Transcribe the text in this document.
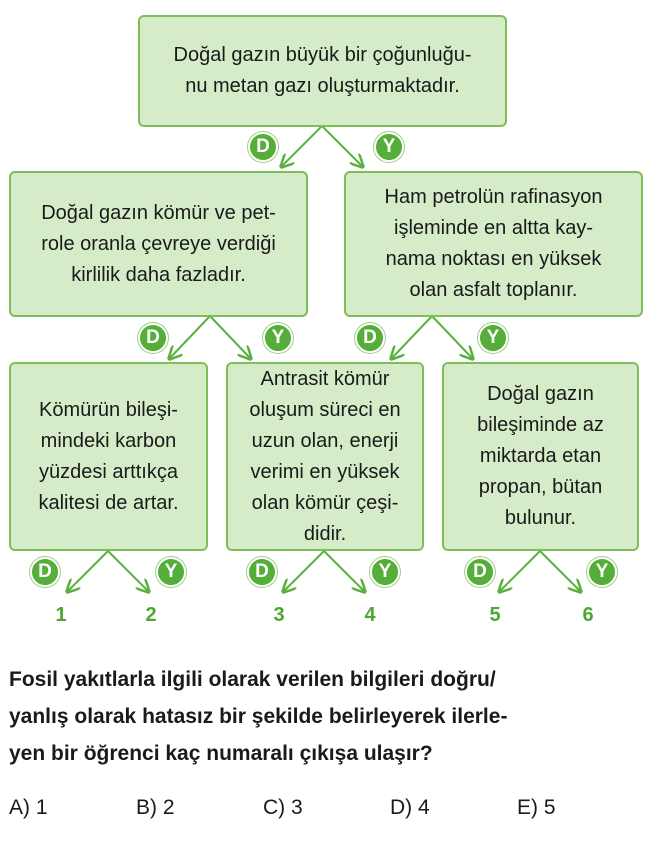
Doğal gazın büyük bir çoğunluğu-
nu metan gazı oluşturmaktadır.
Doğal gazın kömür ve pet-
role oranla çevreye verdiği
kirlilik daha fazladır.
Ham petrolün rafinasyon
işleminde en altta kay-
nama noktası en yüksek
olan asfalt toplanır.
Kömürün bileşi-
mindeki karbon
yüzdesi arttıkça
kalitesi de artar.
Antrasit kömür
oluşum süreci en
uzun olan, enerji
verimi en yüksek
olan kömür çeşi-
didir.
Doğal gazın
bileşiminde az
miktarda etan
propan, bütan
bulunur.
D	Y
D	Y	D	Y
D	Y	D	Y	D	Y
1	2	3	4	5	6
Fosil yakıtlarla ilgili olarak verilen bilgileri doğru/
yanlış olarak hatasız bir şekilde belirleyerek ilerle-
yen bir öğrenci kaç numaralı çıkışa ulaşır?
A) 1	B) 2	C) 3	D) 4	E) 5
